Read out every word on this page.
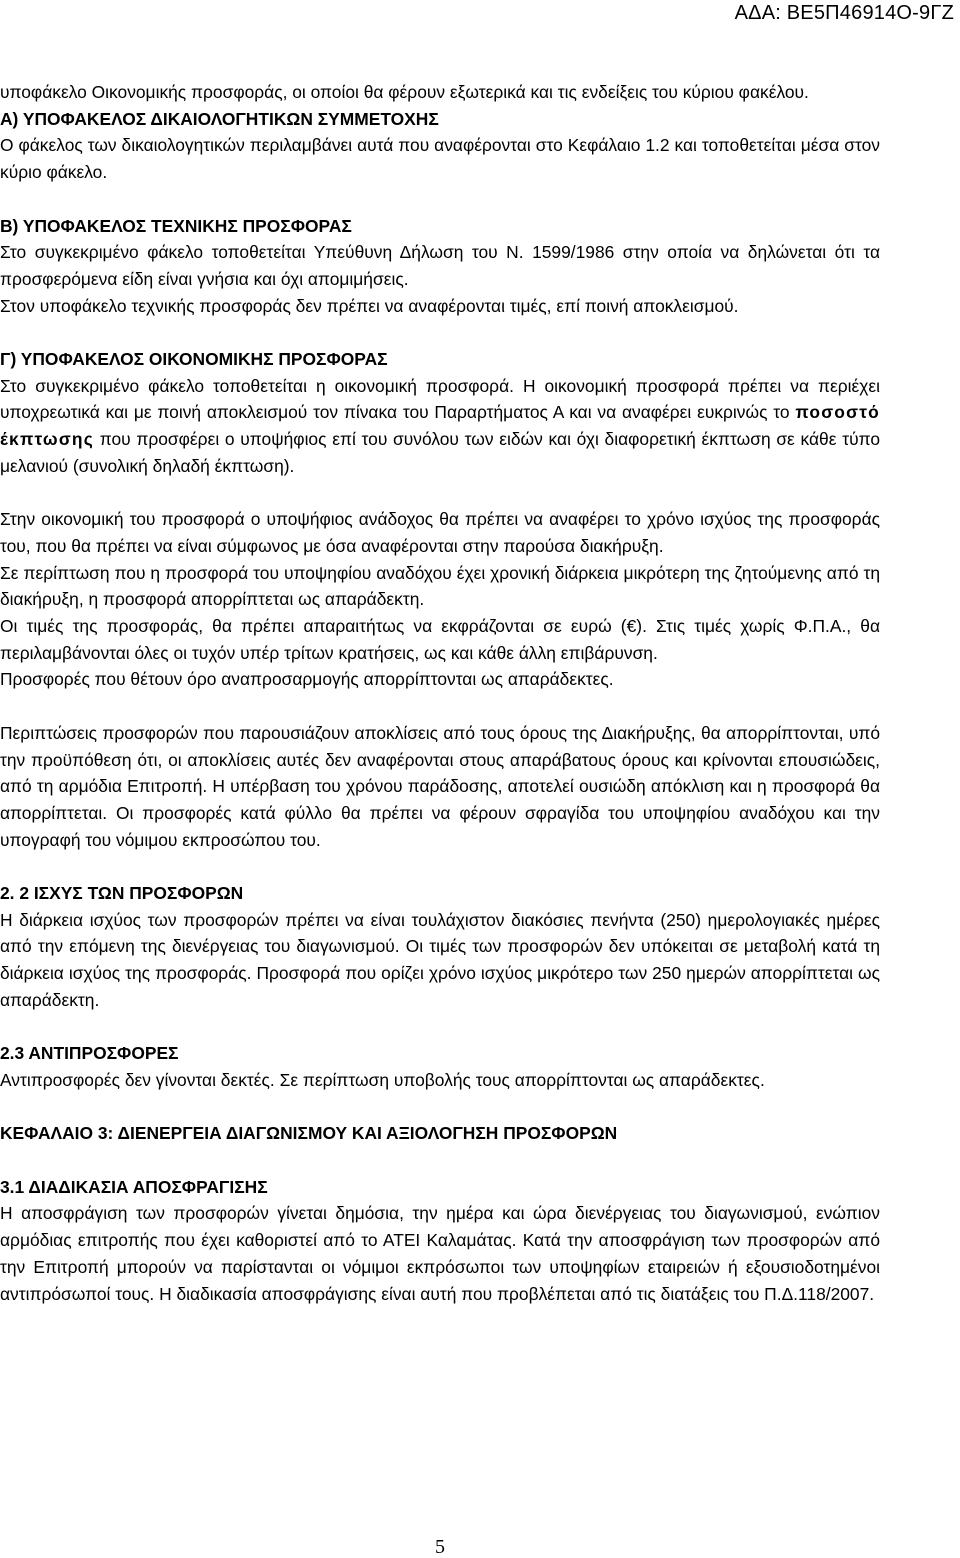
ΑΔΑ: ΒΕ5Π46914Ο-9ΓΖ

υποφάκελο Οικονομικής προσφοράς, οι οποίοι θα φέρουν εξωτερικά και τις ενδείξεις του κύριου φακέλου.

Α) ΥΠΟΦΑΚΕΛΟΣ ΔΙΚΑΙΟΛΟΓΗΤΙΚΩΝ ΣΥΜΜΕΤΟΧΗΣ

Ο φάκελος των δικαιολογητικών περιλαμβάνει αυτά που αναφέρονται στο Κεφάλαιο 1.2 και τοποθετείται μέσα στον κύριο φάκελο.

Β) ΥΠΟΦΑΚΕΛΟΣ ΤΕΧΝΙΚΗΣ ΠΡΟΣΦΟΡΑΣ

Στο συγκεκριμένο φάκελο τοποθετείται Υπεύθυνη Δήλωση του Ν. 1599/1986 στην οποία να δηλώνεται ότι τα προσφερόμενα είδη είναι γνήσια και όχι απομιμήσεις.

Στον υποφάκελο τεχνικής προσφοράς δεν πρέπει να αναφέρονται τιμές, επί ποινή αποκλεισμού.

Γ) ΥΠΟΦΑΚΕΛΟΣ ΟΙΚΟΝΟΜΙΚΗΣ ΠΡΟΣΦΟΡΑΣ

Στο συγκεκριμένο φάκελο τοποθετείται η οικονομική προσφορά. Η οικονομική προσφορά πρέπει να περιέχει υποχρεωτικά και με ποινή αποκλεισμού τον πίνακα του Παραρτήματος Α και να αναφέρει ευκρινώς το ποσοστό έκπτωσης που προσφέρει ο υποψήφιος επί του συνόλου των ειδών και όχι διαφορετική έκπτωση σε κάθε τύπο μελανιού (συνολική δηλαδή έκπτωση).

Στην οικονομική του προσφορά ο υποψήφιος ανάδοχος θα πρέπει να αναφέρει το χρόνο ισχύος της προσφοράς του, που θα πρέπει να είναι σύμφωνος με όσα αναφέρονται στην παρούσα διακήρυξη.

Σε περίπτωση που η προσφορά του υποψηφίου αναδόχου έχει χρονική διάρκεια μικρότερη της ζητούμενης από τη διακήρυξη, η προσφορά απορρίπτεται ως απαράδεκτη.

Οι τιμές της προσφοράς, θα πρέπει απαραιτήτως να εκφράζονται σε ευρώ (€). Στις τιμές χωρίς Φ.Π.Α., θα περιλαμβάνονται όλες οι τυχόν υπέρ τρίτων κρατήσεις, ως και κάθε άλλη επιβάρυνση.

Προσφορές που θέτουν όρο αναπροσαρμογής απορρίπτονται ως απαράδεκτες.

Περιπτώσεις προσφορών που παρουσιάζουν αποκλίσεις από τους όρους της Διακήρυξης, θα απορρίπτονται, υπό την προϋπόθεση ότι, οι αποκλίσεις αυτές δεν αναφέρονται στους απαράβατους όρους και κρίνονται επουσιώδεις, από τη αρμόδια Επιτροπή. Η υπέρβαση του χρόνου παράδοσης, αποτελεί ουσιώδη απόκλιση και η προσφορά θα απορρίπτεται. Οι προσφορές κατά φύλλο θα πρέπει να φέρουν σφραγίδα του υποψηφίου αναδόχου και την υπογραφή του νόμιμου εκπροσώπου του.

2. 2 ΙΣΧΥΣ ΤΩΝ ΠΡΟΣΦΟΡΩΝ

Η διάρκεια ισχύος των προσφορών πρέπει να είναι τουλάχιστον διακόσιες πενήντα (250) ημερολογιακές ημέρες από την επόμενη της διενέργειας του διαγωνισμού. Οι τιμές των προσφορών δεν υπόκειται σε μεταβολή κατά τη διάρκεια ισχύος της προσφοράς. Προσφορά που ορίζει χρόνο ισχύος μικρότερο των 250 ημερών απορρίπτεται ως απαράδεκτη.

2.3 ΑΝΤΙΠΡΟΣΦΟΡΕΣ

Αντιπροσφορές δεν γίνονται δεκτές. Σε περίπτωση υποβολής τους απορρίπτονται ως απαράδεκτες.

ΚΕΦΑΛΑΙΟ 3: ΔΙΕΝΕΡΓΕΙΑ ΔΙΑΓΩΝΙΣΜΟΥ ΚΑΙ ΑΞΙΟΛΟΓΗΣΗ ΠΡΟΣΦΟΡΩΝ

3.1 ΔΙΑΔΙΚΑΣΙΑ ΑΠΟΣΦΡΑΓΙΣΗΣ

Η αποσφράγιση των προσφορών γίνεται δημόσια, την ημέρα και ώρα διενέργειας του διαγωνισμού, ενώπιον αρμόδιας επιτροπής που έχει καθοριστεί από το ΑΤΕΙ Καλαμάτας. Κατά την αποσφράγιση των προσφορών από την Επιτροπή μπορούν να παρίστανται οι νόμιμοι εκπρόσωποι των υποψηφίων εταιρειών ή εξουσιοδοτημένοι αντιπρόσωποί τους. Η διαδικασία αποσφράγισης είναι αυτή που προβλέπεται από τις διατάξεις του Π.Δ.118/2007.

5
